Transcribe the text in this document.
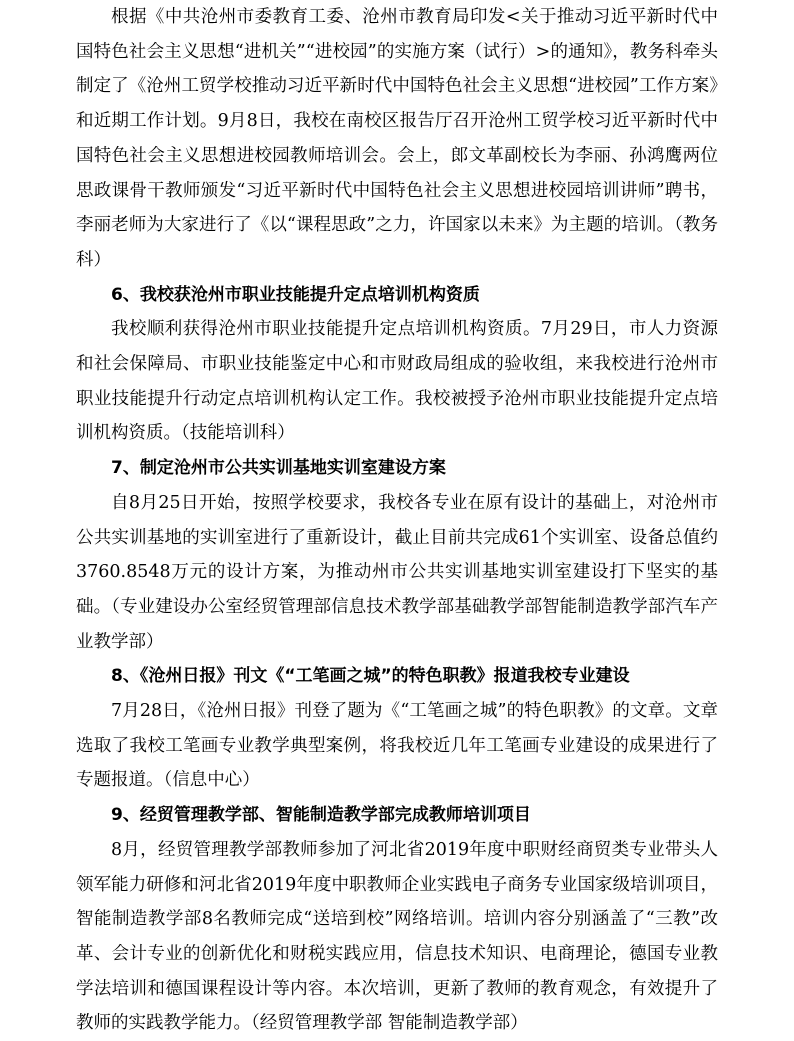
根据《中共沧州市委教育工委、沧州市教育局印发<关于推动习近平新时代中国特色社会主义思想“进机关”“进校园”的实施方案（试行）>的通知》，教务科牵头制定了《沧州工贸学校推动习近平新时代中国特色社会主义思想“进校园”工作方案》和近期工作计划。9月8日，我校在南校区报告厅召开沧州工贸学校习近平新时代中国特色社会主义思想进校园教师培训会。会上，郎文革副校长为李丽、孙鸿鹰两位思政课骨干教师颁发“习近平新时代中国特色社会主义思想进校园培训讲师”聘书，李丽老师为大家进行了《以“课程思政”之力，许国家以未来》为主题的培训。（教务科）

6、我校获沧州市职业技能提升定点培训机构资质

我校顺利获得沧州市职业技能提升定点培训机构资质。7月29日，市人力资源和社会保障局、市职业技能鉴定中心和市财政局组成的验收组，来我校进行沧州市职业技能提升行动定点培训机构认定工作。我校被授予沧州市职业技能提升定点培训机构资质。（技能培训科）

7、制定沧州市公共实训基地实训室建设方案

自8月25日开始，按照学校要求，我校各专业在原有设计的基础上，对沧州市公共实训基地的实训室进行了重新设计，截止目前共完成61个实训室、设备总值约3760.8548万元的设计方案，为推动州市公共实训基地实训室建设打下坚实的基础。（专业建设办公室经贸管理部信息技术教学部基础教学部智能制造教学部汽车产业教学部）

8、《沧州日报》刊文《“工笔画之城”的特色职教》报道我校专业建设

7月28日，《沧州日报》刊登了题为《“工笔画之城”的特色职教》的文章。文章选取了我校工笔画专业教学典型案例，将我校近几年工笔画专业建设的成果进行了专题报道。（信息中心）

9、经贸管理教学部、智能制造教学部完成教师培训项目

8月，经贸管理教学部教师参加了河北省2019年度中职财经商贸类专业带头人领军能力研修和河北省2019年度中职教师企业实践电子商务专业国家级培训项目，智能制造教学部8名教师完成“送培到校”网络培训。培训内容分别涵盖了“三教”改革、会计专业的创新优化和财税实践应用，信息技术知识、电商理论，德国专业教学法培训和德国课程设计等内容。本次培训，更新了教师的教育观念，有效提升了教师的实践教学能力。（经贸管理教学部 智能制造教学部）
